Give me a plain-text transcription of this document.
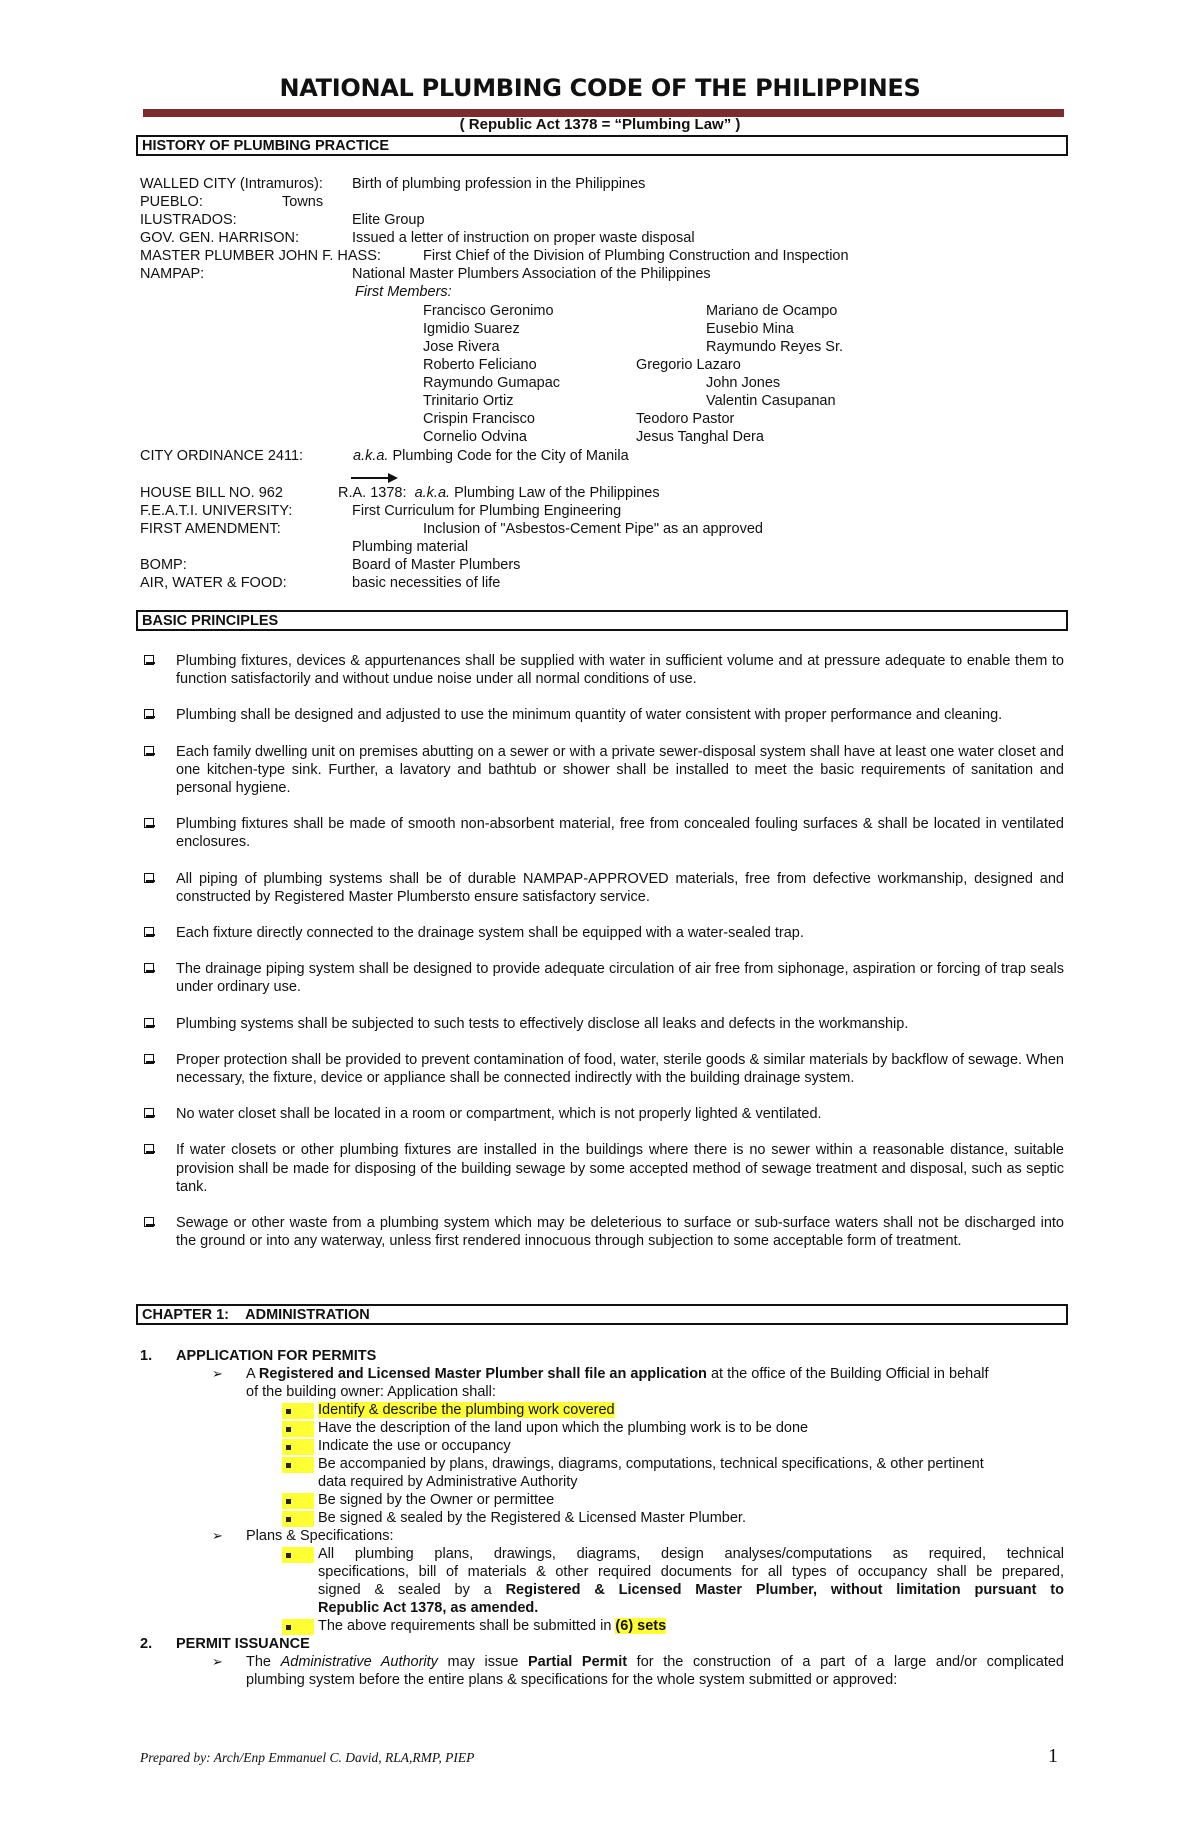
NATIONAL PLUMBING CODE OF THE PHILIPPINES
( Republic Act 1378 = “Plumbing Law” )
HISTORY OF PLUMBING PRACTICE
WALLED CITY (Intramuros): Birth of plumbing profession in the Philippines
PUEBLO:	Towns
ILUSTRADOS:	Elite Group
GOV. GEN. HARRISON:	Issued a letter of instruction on proper waste disposal
MASTER PLUMBER JOHN F. HASS:	First Chief of the Division of Plumbing Construction and Inspection
NAMPAP:	National Master Plumbers Association of the Philippines
First Members:
Francisco Geronimo	Mariano de Ocampo
Igmidio Suarez	Eusebio Mina
Jose Rivera	Raymundo Reyes Sr.
Roberto Feliciano	Gregorio Lazaro
Raymundo Gumapac	John Jones
Trinitario Ortiz	Valentin Casupanan
Crispin Francisco	Teodoro Pastor
Cornelio Odvina	Jesus Tanghal Dera
CITY ORDINANCE 2411:	a.k.a. Plumbing Code for the City of Manila
HOUSE BILL NO. 962	R.A. 1378: a.k.a. Plumbing Law of the Philippines
F.E.A.T.I. UNIVERSITY:	First Curriculum for Plumbing Engineering
FIRST AMENDMENT:	Inclusion of "Asbestos-Cement Pipe" as an approved
Plumbing material
BOMP:	Board of Master Plumbers
AIR, WATER & FOOD:	basic necessities of life
BASIC PRINCIPLES
Plumbing fixtures, devices & appurtenances shall be supplied with water in sufficient volume and at pressure adequate to enable them to function satisfactorily and without undue noise under all normal conditions of use.
Plumbing shall be designed and adjusted to use the minimum quantity of water consistent with proper performance and cleaning.
Each family dwelling unit on premises abutting on a sewer or with a private sewer-disposal system shall have at least one water closet and one kitchen-type sink. Further, a lavatory and bathtub or shower shall be installed to meet the basic requirements of sanitation and personal hygiene.
Plumbing fixtures shall be made of smooth non-absorbent material, free from concealed fouling surfaces & shall be located in ventilated enclosures.
All piping of plumbing systems shall be of durable NAMPAP-APPROVED materials, free from defective workmanship, designed and constructed by Registered Master Plumbersto ensure satisfactory service.
Each fixture directly connected to the drainage system shall be equipped with a water-sealed trap.
The drainage piping system shall be designed to provide adequate circulation of air free from siphonage, aspiration or forcing of trap seals under ordinary use.
Plumbing systems shall be subjected to such tests to effectively disclose all leaks and defects in the workmanship.
Proper protection shall be provided to prevent contamination of food, water, sterile goods & similar materials by backflow of sewage. When necessary, the fixture, device or appliance shall be connected indirectly with the building drainage system.
No water closet shall be located in a room or compartment, which is not properly lighted & ventilated.
If water closets or other plumbing fixtures are installed in the buildings where there is no sewer within a reasonable distance, suitable provision shall be made for disposing of the building sewage by some accepted method of sewage treatment and disposal, such as septic tank.
Sewage or other waste from a plumbing system which may be deleterious to surface or sub-surface waters shall not be discharged into the ground or into any waterway, unless first rendered innocuous through subjection to some acceptable form of treatment.
CHAPTER 1: ADMINISTRATION
1. APPLICATION FOR PERMITS
➢ A Registered and Licensed Master Plumber shall file an application at the office of the Building Official in behalf
of the building owner: Application shall:
Identify & describe the plumbing work covered
Have the description of the land upon which the plumbing work is to be done
Indicate the use or occupancy
Be accompanied by plans, drawings, diagrams, computations, technical specifications, & other pertinent
data required by Administrative Authority
Be signed by the Owner or permittee
Be signed & sealed by the Registered & Licensed Master Plumber.
➢ Plans & Specifications:
All plumbing plans, drawings, diagrams, design analyses/computations as required, technical
specifications, bill of materials & other required documents for all types of occupancy shall be prepared,
signed & sealed by a Registered & Licensed Master Plumber, without limitation pursuant to
Republic Act 1378, as amended.
The above requirements shall be submitted in (6) sets
2. PERMIT ISSUANCE
➢ The Administrative Authority may issue Partial Permit for the construction of a part of a large and/or complicated
plumbing system before the entire plans & specifications for the whole system submitted or approved:
Prepared by: Arch/Enp Emmanuel C. David, RLA,RMP, PIEP	1
